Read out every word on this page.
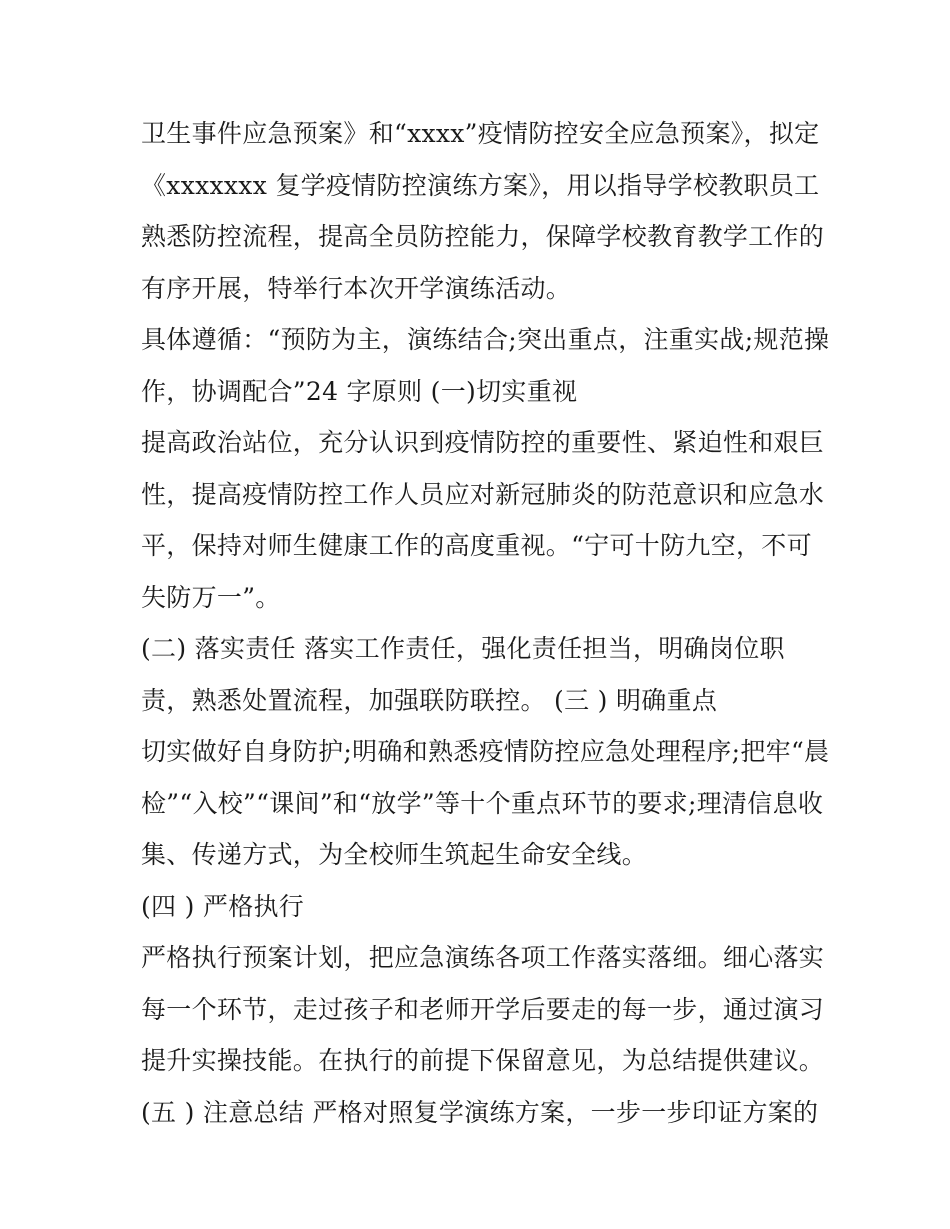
卫生事件应急预案》和“xxxx”疫情防控安全应急预案》，拟定
《xxxxxxx 复学疫情防控演练方案》，用以指导学校教职员工
熟悉防控流程，提高全员防控能力，保障学校教育教学工作的
有序开展，特举行本次开学演练活动。
具体遵循：“预防为主，演练结合;突出重点，注重实战;规范操
作，协调配合”24 字原则 (一)切实重视
提高政治站位，充分认识到疫情防控的重要性、紧迫性和艰巨
性，提高疫情防控工作人员应对新冠肺炎的防范意识和应急水
平，保持对师生健康工作的高度重视。“宁可十防九空，不可
失防万一”。
(二) 落实责任 落实工作责任，强化责任担当，明确岗位职
责，熟悉处置流程，加强联防联控。 (三 ) 明确重点
切实做好自身防护;明确和熟悉疫情防控应急处理程序;把牢“晨
检”“入校”“课间”和“放学”等十个重点环节的要求;理清信息收
集、传递方式，为全校师生筑起生命安全线。
(四 ) 严格执行
严格执行预案计划，把应急演练各项工作落实落细。细心落实
每一个环节，走过孩子和老师开学后要走的每一步，通过演习
提升实操技能。在执行的前提下保留意见，为总结提供建议。
(五 ) 注意总结 严格对照复学演练方案，一步一步印证方案的
